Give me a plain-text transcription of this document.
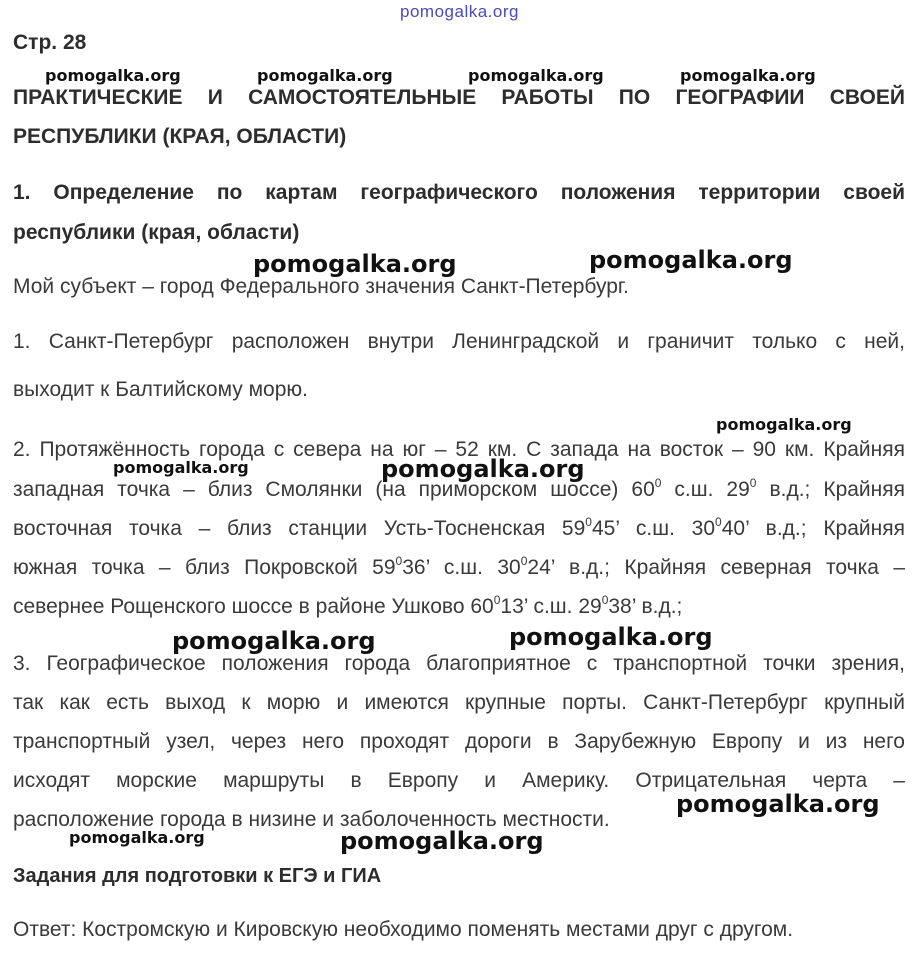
pomogalka.org
Стр. 28
pomogalka.org	pomogalka.org	pomogalka.org	pomogalka.org
ПРАКТИЧЕСКИЕ И САМОСТОЯТЕЛЬНЫЕ РАБОТЫ ПО ГЕОГРАФИИ СВОЕЙ
РЕСПУБЛИКИ (КРАЯ, ОБЛАСТИ)
1. Определение по картам географического положения территории своей
республики (края, области)
pomogalka.org	pomogalka.org
Мой субъект – город Федерального значения Санкт-Петербург.
1. Санкт-Петербург расположен внутри Ленинградской и граничит только с ней,
выходит к Балтийскому морю.
pomogalka.org
2. Протяжённость города с севера на юг – 52 км. С запада на восток – 90 км. Крайняя
pomogalka.org	pomogalka.org
западная точка – близ Смолянки (на приморском шоссе) $60^0$ с.ш. $29^0$ в.д.; Крайняя
восточная точка – близ станции Усть-Тосненская $59^045$’ с.ш. $30^040$’ в.д.; Крайняя
южная точка – близ Покровской $59^036$’ с.ш. $30^024$’ в.д.; Крайняя северная точка –
севернее Рощенского шоссе в районе Ушково $60^013$’ с.ш. $29^038$’ в.д.;
pomogalka.org	pomogalka.org
3. Географическое положения города благоприятное с транспортной точки зрения,
так как есть выход к морю и имеются крупные порты. Санкт-Петербург крупный
транспортный узел, через него проходят дороги в Зарубежную Европу и из него
исходят морские маршруты в Европу и Америку. Отрицательная черта –
pomogalka.org
расположение города в низине и заболоченность местности.
pomogalka.org	pomogalka.org
Задания для подготовки к ЕГЭ и ГИА
Ответ: Костромскую и Кировскую необходимо поменять местами друг с другом.
